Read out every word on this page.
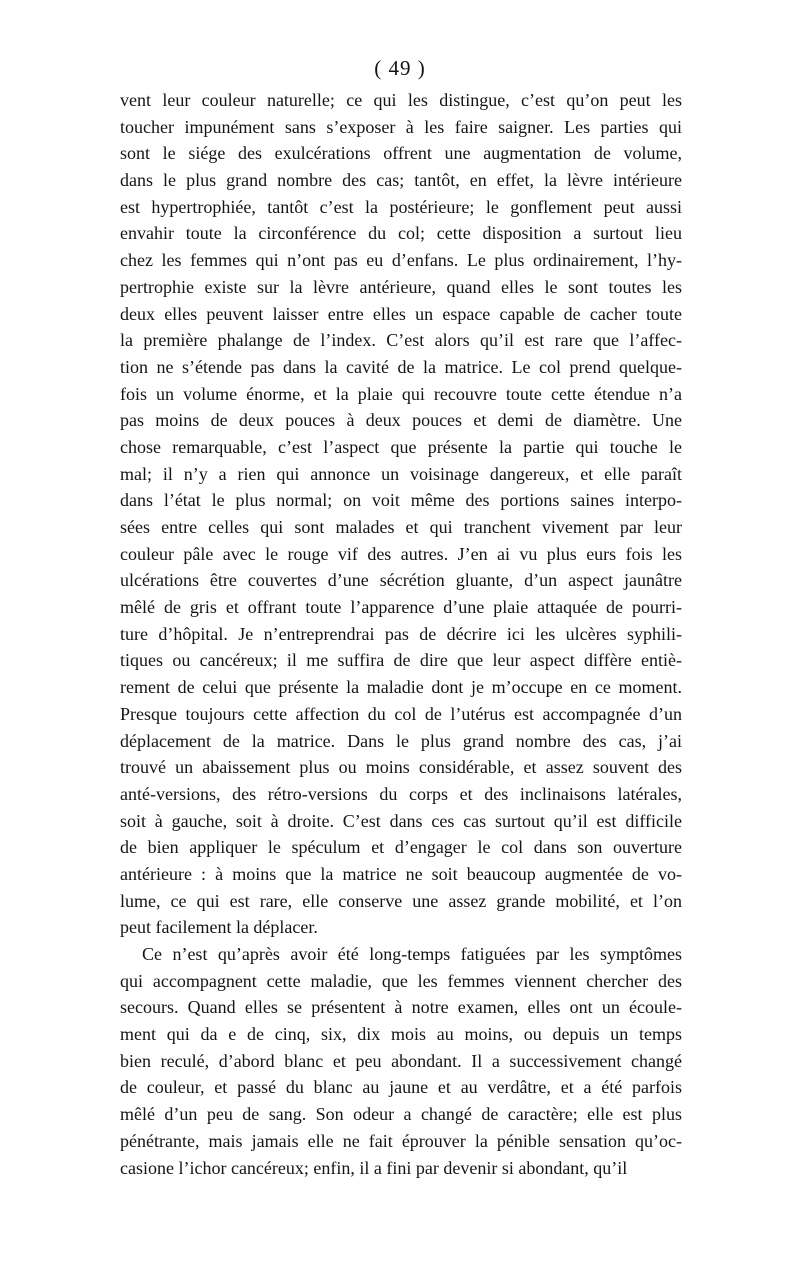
( 49 )

vent leur couleur naturelle; ce qui les distingue, c’est qu’on peut les
toucher impunément sans s’exposer à les faire saigner. Les parties qui
sont le siége des exulcérations offrent une augmentation de volume,
dans le plus grand nombre des cas; tantôt, en effet, la lèvre intérieure
est hypertrophiée, tantôt c’est la postérieure; le gonflement peut aussi
envahir toute la circonférence du col; cette disposition a surtout lieu
chez les femmes qui n’ont pas eu d’enfans. Le plus ordinairement, l’hy-
pertrophie existe sur la lèvre antérieure, quand elles le sont toutes les
deux elles peuvent laisser entre elles un espace capable de cacher toute
la première phalange de l’index. C’est alors qu’il est rare que l’affec-
tion ne s’étende pas dans la cavité de la matrice. Le col prend quelque-
fois un volume énorme, et la plaie qui recouvre toute cette étendue n’a
pas moins de deux pouces à deux pouces et demi de diamètre. Une
chose remarquable, c’est l’aspect que présente la partie qui touche le
mal; il n’y a rien qui annonce un voisinage dangereux, et elle paraît
dans l’état le plus normal; on voit même des portions saines interpo-
sées entre celles qui sont malades et qui tranchent vivement par leur
couleur pâle avec le rouge vif des autres. J’en ai vu plus eurs fois les
ulcérations être couvertes d’une sécrétion gluante, d’un aspect jaunâtre
mêlé de gris et offrant toute l’apparence d’une plaie attaquée de pourri-
ture d’hôpital. Je n’entreprendrai pas de décrire ici les ulcères syphili-
tiques ou cancéreux; il me suffira de dire que leur aspect diffère entiè-
rement de celui que présente la maladie dont je m’occupe en ce moment.
Presque toujours cette affection du col de l’utérus est accompagnée d’un
déplacement de la matrice. Dans le plus grand nombre des cas, j’ai
trouvé un abaissement plus ou moins considérable, et assez souvent des
anté-versions, des rétro-versions du corps et des inclinaisons latérales,
soit à gauche, soit à droite. C’est dans ces cas surtout qu’il est difficile
de bien appliquer le spéculum et d’engager le col dans son ouverture
antérieure : à moins que la matrice ne soit beaucoup augmentée de vo-
lume, ce qui est rare, elle conserve une assez grande mobilité, et l’on
peut facilement la déplacer.

Ce n’est qu’après avoir été long-temps fatiguées par les symptômes
qui accompagnent cette maladie, que les femmes viennent chercher des
secours. Quand elles se présentent à notre examen, elles ont un écoule-
ment qui da e de cinq, six, dix mois au moins, ou depuis un temps
bien reculé, d’abord blanc et peu abondant. Il a successivement changé
de couleur, et passé du blanc au jaune et au verdâtre, et a été parfois
mêlé d’un peu de sang. Son odeur a changé de caractère; elle est plus
pénétrante, mais jamais elle ne fait éprouver la pénible sensation qu’oc-
casione l’ichor cancéreux; enfin, il a fini par devenir si abondant, qu’il
